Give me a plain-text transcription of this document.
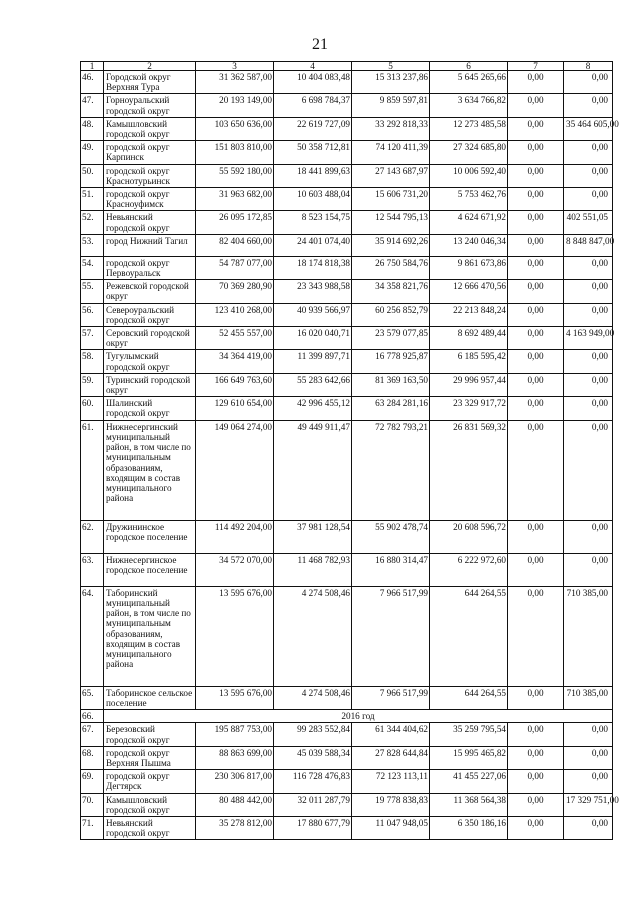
21
1	2	3	4	5	6	7	8
46.	Городской округ Верхняя Тура	31 362 587,00	10 404 083,48	15 313 237,86	5 645 265,66	0,00	0,00
47.	Горноуральский городской округ	20 193 149,00	6 698 784,37	9 859 597,81	3 634 766,82	0,00	0,00
48.	Камышловский городской округ	103 650 636,00	22 619 727,09	33 292 818,33	12 273 485,58	0,00	35 464 605,00
49.	городской округ Карпинск	151 803 810,00	50 358 712,81	74 120 411,39	27 324 685,80	0,00	0,00
50.	городской округ Краснотурьинск	55 592 180,00	18 441 899,63	27 143 687,97	10 006 592,40	0,00	0,00
51.	городской округ Красноуфимск	31 963 682,00	10 603 488,04	15 606 731,20	5 753 462,76	0,00	0,00
52.	Невьянский городской округ	26 095 172,85	8 523 154,75	12 544 795,13	4 624 671,92	0,00	402 551,05
53.	город Нижний Тагил	82 404 660,00	24 401 074,40	35 914 692,26	13 240 046,34	0,00	8 848 847,00
54.	городской округ Первоуральск	54 787 077,00	18 174 818,38	26 750 584,76	9 861 673,86	0,00	0,00
55.	Режевской городской округ	70 369 280,90	23 343 988,58	34 358 821,76	12 666 470,56	0,00	0,00
56.	Североуральский городской округ	123 410 268,00	40 939 566,97	60 256 852,79	22 213 848,24	0,00	0,00
57.	Серовский городской округ	52 455 557,00	16 020 040,71	23 579 077,85	8 692 489,44	0,00	4 163 949,00
58.	Тугулымский городской округ	34 364 419,00	11 399 897,71	16 778 925,87	6 185 595,42	0,00	0,00
59.	Туринский городской округ	166 649 763,60	55 283 642,66	81 369 163,50	29 996 957,44	0,00	0,00
60.	Шалинский городской округ	129 610 654,00	42 996 455,12	63 284 281,16	23 329 917,72	0,00	0,00
61.	Нижнесергинский муниципальный район, в том числе по муниципальным образованиям, входящим в состав муниципального района	149 064 274,00	49 449 911,47	72 782 793,21	26 831 569,32	0,00	0,00
62.	Дружининское городское поселение	114 492 204,00	37 981 128,54	55 902 478,74	20 608 596,72	0,00	0,00
63.	Нижнесергинское городское поселение	34 572 070,00	11 468 782,93	16 880 314,47	6 222 972,60	0,00	0,00
64.	Таборинский муниципальный район, в том числе по муниципальным образованиям, входящим в состав муниципального района	13 595 676,00	4 274 508,46	7 966 517,99	644 264,55	0,00	710 385,00
65.	Таборинское сельское поселение	13 595 676,00	4 274 508,46	7 966 517,99	644 264,55	0,00	710 385,00
66.	2016 год						
67.	Березовский городской округ	195 887 753,00	99 283 552,84	61 344 404,62	35 259 795,54	0,00	0,00
68.	городской округ Верхняя Пышма	88 863 699,00	45 039 588,34	27 828 644,84	15 995 465,82	0,00	0,00
69.	городской округ Дегтярск	230 306 817,00	116 728 476,83	72 123 113,11	41 455 227,06	0,00	0,00
70.	Камышловский городской округ	80 488 442,00	32 011 287,79	19 778 838,83	11 368 564,38	0,00	17 329 751,00
71.	Невьянский городской округ	35 278 812,00	17 880 677,79	11 047 948,05	6 350 186,16	0,00	0,00
